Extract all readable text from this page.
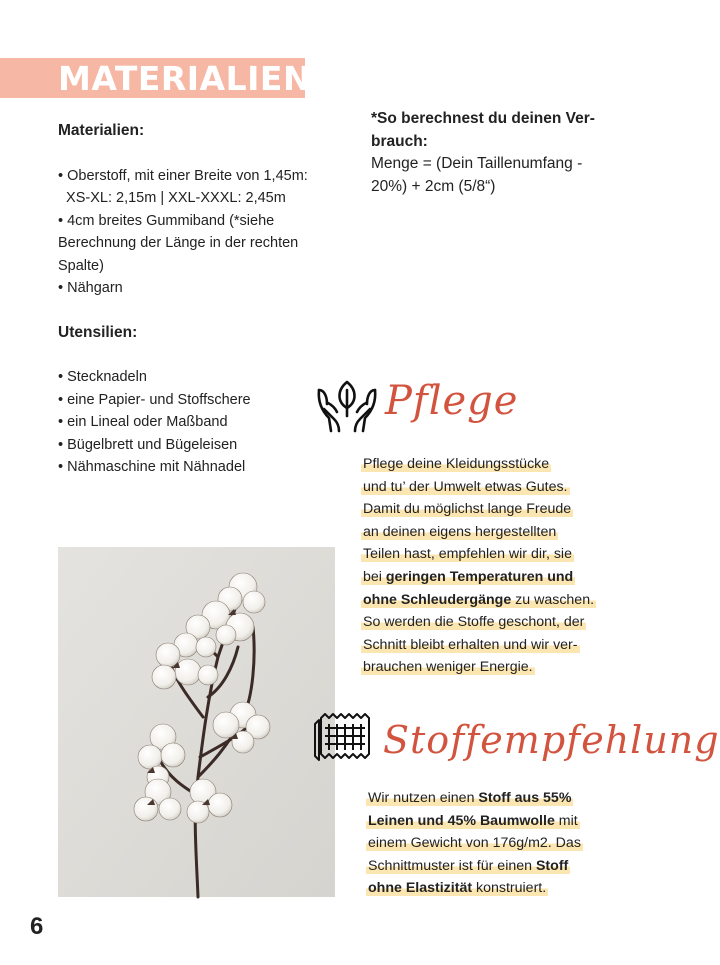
MATERIALIEN

Materialien:

• Oberstoff, mit einer Breite von 1,45m:
XS-XL: 2,15m | XXL-XXXL: 2,45m
• 4cm breites Gummiband (*siehe
Berechnung der Länge in der rechten
Spalte)
• Nähgarn

Utensilien:

• Stecknadeln
• eine Papier- und Stoffschere
• ein Lineal oder Maßband
• Bügelbrett und Bügeleisen
• Nähmaschine mit Nähnadel
*So berechnest du deinen Ver-
brauch:
Menge = (Dein Taillenumfang -
20%) + 2cm (5/8“)
Pflege
Pflege deine Kleidungsstücke
und tu’ der Umwelt etwas Gutes.
Damit du möglichst lange Freude
an deinen eigens hergestellten
Teilen hast, empfehlen wir dir, sie
bei geringen Temperaturen und
ohne Schleudergänge zu waschen.
So werden die Stoffe geschont, der
Schnitt bleibt erhalten und wir ver-
brauchen weniger Energie.
Stoffempfehlung
Wir nutzen einen Stoff aus 55%
Leinen und 45% Baumwolle mit
einem Gewicht von 176g/m2. Das
Schnittmuster ist für einen Stoff
ohne Elastizität konstruiert.
6
